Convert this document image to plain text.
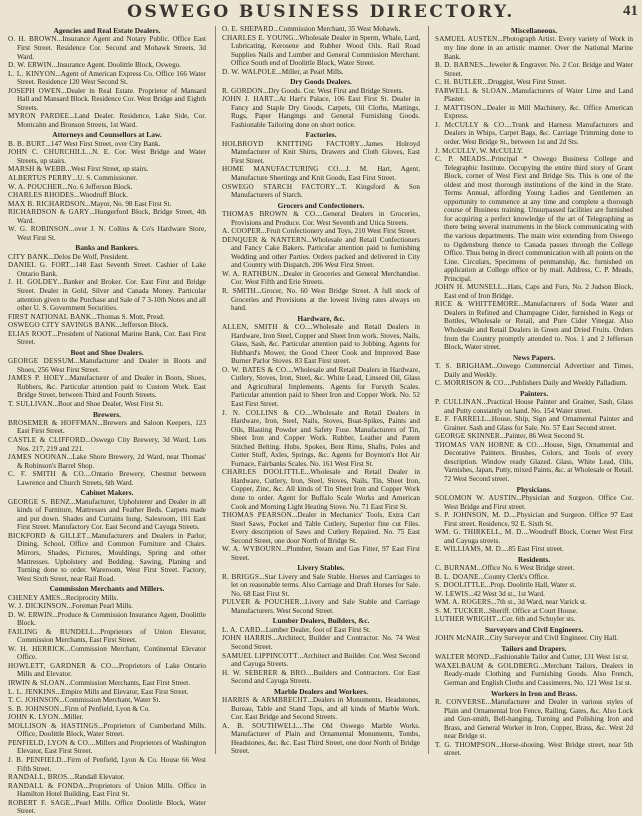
OSWEGO BUSINESS DIRECTORY.	41
Agencies and Real Estate Dealers.
O. H. BROWN...Insurance Agent and Notary Public. Office East First Street. Residence Cor. Second and Mohawk Streets, 3d Ward.
D. W. ERWIN...Insurance Agent. Doolittle Block, Oswego.
L. L. KINYON...Agent of American Express Co. Office 166 Water Street. Residence 120 West Second St.
JOSEPH OWEN...Dealer in Real Estate. Proprietor of Mansard Hall and Mansard Block. Residence Cor. West Bridge and Eighth Streets.
MYRON PARDEE...Land Dealer. Residence, Lake Side, Cor. Montcalm and Bronson Streets, 1st Ward.
Attorneys and Counsellors at Law.
B. B. BURT...147 West First Street, over City Bank.
JOHN C. CHURCHILL...N. E. Cor. West Bridge and Water Streets, up stairs.
MARSH & WEBB...West First Street, up stairs.
ALBERTUS PERRY...U. S. Commissioner.
W. A. POUCHER...No. 6 Jefferson Block.
CHARLES RHODES...Woodruff Block.
MAX B. RICHARDSON...Mayor, No. 98 East First St.
RICHARDSON & GARY...Hungerford Block, Bridge Street, 4th Ward.
W. G. ROBINSON...over J. N. Collins & Co's Hardware Store, West First St.
Banks and Bankers.
CITY BANK...Delos De Wolf, President.
DANIEL G. FORT...148 East Seventh Street. Cashier of Lake Ontario Bank.
J. H. GOLDEY...Banker and Broker. Cor. East First and Bridge Street. Dealer in Gold, Silver and Canada Money. Particular attention given to the Purchase and Sale of 7 3-10th Notes and all other U. S. Government Securities.
FIRST NATIONAL BANK...Thomas S. Mott, Presd.
OSWEGO CITY SAVINGS BANK...Jefferson Block.
ELIAS ROOT...President of National Marine Bank, Cor. East First Street.
Boot and Shoe Dealers.
GEORGE DESSUM...Manufacturer and Dealer in Boots and Shoes, 256 West First Street.
JAMES P. HOEY...Manufacturer of and Dealer in Boots, Shoes, Rubbers, &c. Particular attention paid to Custom Work. East Bridge Street, between Third and Fourth Streets.
T. SULLIVAN...Boot and Shoe Dealer, West First St.
Brewers.
BROSEMER & HOFFMAN...Brewers and Saloon Keepers, 123 East First Street.
CASTLE & CLIFFORD...Oswego City Brewery, 3d Ward, Lots Nos. 217, 219 and 221.
JAMES NOONAN...Lake Shore Brewery, 2d Ward, near Thomas' & Robinson's Barrel Shop.
C. F. SMITH & CO....Ontario Brewery, Chestnut between Lawrence and Church Streets, 6th Ward.
Cabinet Makers.
GEORGE S. BENZ...Manufacturer, Upholsterer and Dealer in all kinds of Furniture, Mattresses and Feather Beds. Carpets made and put down. Shades and Curtains hung. Salesroom, 101 East First Street. Manufactory Cor. East Second and Cayuga Streets.
BICKFORD & GILLET...Manufacturers and Dealers in Parlor, Dining, School, Office and Common Furniture and Chairs. Mirrors, Shades, Pictures, Mouldings, Spring and other Mattresses. Upholstery and Bedding. Sawing, Planing and Turning done to order. Wareroom, West First Street. Factory, West Sixth Street, near Rail Road.
Commission Merchants and Millers.
CHENEY AMES...Reciprocity Mills.
W. J. DICKINSON...Foreman Pearl Mills.
D. W. ERWIN...Produce & Commission Insurance Agent, Doolittle Block.
FAILING & RUNDELL...Proprietors of Union Elevator, Commission Merchants, East First Street.
W. H. HERRICK...Commission Merchant, Continental Elevator Office.
HOWLETT, GARDNER & CO....Proprietors of Lake Ontario Mills and Elevator.
IRWIN & SLOAN...Commission Merchants, East First Street.
L. L. JENKINS...Empire Mills and Elevator, East First Street.
T. C. JOHNSON...Commission Merchant, Water St.
S. B. JOHNSON...Firm of Penfield, Lyon & Co.
JOHN K. LYON...Miller.
MOLLISON & HASTINGS...Proprietors of Cumberland Mills. Office, Doolittle Block, Water Street.
PENFIELD, LYON & CO....Millers and Proprietors of Washington Elevator, East First Street.
J. B. PENFIELD...Firm of Penfield, Lyon & Co. House 66 West Fifth Street.
RANDALL, BROS....Randall Elevator.
RANDALL & FONDA...Proprietors of Union Mills. Office in Hamilton Hotel Building, East First St.
ROBERT F. SAGE...Pearl Mills. Office Doolittle Block, Water Street.
O. E. SHEPARD...Commission Merchant, 35 West Mohawk.
CHARLES E. YOUNG...Wholesale Dealer in Sperm, Whale, Lard, Lubricating, Kerosene and Rubber Wood Oils. Rail Road Supplies Nails and Lumber and General Commission Merchant. Office South end of Doolittle Block, Water Street.
D. W. WALPOLE...Miller, at Pearl Mills.
Dry Goods Dealers.
R. GORDON...Dry Goods. Cor. West First and Bridge Streets.
JOHN J. HART...At Hart's Palace, 106 East First St. Dealer in Fancy and Staple Dry Goods, Carpets, Oil Cloths, Mattings, Rugs, Paper Hangings and General Furnishing Goods. Fashionable Tailoring done on short notice.
Factories.
HOLBROYD KNITTING FACTORY...James Holroyd Manufacturer of Knit Shirts, Drawers and Cloth Gloves, East First Street.
HOME MANUFACTURING CO....J. M. Hart, Agent, Manufacture Sheetings and Knit Goods, East First Street.
OSWEGO STARCH FACTORY...T. Kingsford & Son Manufacturers of Starch.
Grocers and Confectioners.
THOMAS BROWN & CO....General Dealers in Groceries, Provisions and Produce. Cor. West Seventh and Utica Streets.
A. COOPER...Fruit Confectionery and Toys, 210 West First Street.
DENQUER & NANTERN...Wholesale and Retail Confectioners and Fancy Cake Bakers. Particular attention paid to furnishing Wedding and other Parties. Orders packed and delivered in City and Country with Dispatch. 206 West First Street.
W. A. RATHBUN...Dealer in Groceries and General Merchandise. Cor. West Fifth and Erie Streets.
R. SMITH...Grocer, No. 60 West Bridge Street. A full stock of Groceries and Provisions at the lowest living rates always on hand.
Hardware, &c.
ALLEN, SMITH & CO....Wholesale and Retail Dealers in Hardware, Iron Steel, Copper and Sheet Iron work. Stoves, Nails, Glass, Sash, &c. Particular attention paid to Jobbing. Agents for Hubbard's Mower, the Good Cheer Cook and Improved Base Burner Parlor Stoves. 83 East First street.
O. W. BATES & CO....Wholesale and Retail Dealers in Hardware, Cutlery, Stoves, Iron, Steel, &c. White Lead, Linseed Oil, Glass and Agricultural Implements. Agents for Forsyth Scales. Particular attention paid to Sheet Iron and Copper Work. No. 52 East First Street.
J. N. COLLINS & CO....Wholesale and Retail Dealers in Hardware, Iron, Steel, Nails, Stoves, Boat-Spikes, Paints and Oils, Blasting Powder and Safety Fuse. Manufacturers of Tin, Sheet Iron and Copper Work. Rubber, Leather and Patent Stitched Belting. Hubs, Spokes, Bent Rims, Shafts, Poles and Cutter Stuff, Axles, Springs, &c. Agents for Boynton's Hot Air Furnace, Fairbanks Scales. No. 161 West First St.
CHARLES DOOLITTLE...Wholesale and Retail Dealer in Hardware, Cutlery, Iron, Steel, Stoves, Nails, Tin, Sheet Iron, Copper, Zinc, &c. All kinds of Tin Sheet Iron and Copper Work done to order. Agent for Buffalo Scale Works and American Cook and Morning Light Heating Stove. No. 71 East First St.
THOMAS PEARSON...Dealer in Mechanics' Tools, Extra Cart Steel Saws, Pocket and Table Cutlery, Superior fine cut Files. Every description of Saws and Cutlery Repaired. No. 75 East Second Street, one door North of Bridge St.
W. A. WYBOURN...Plumber, Steam and Gas Fitter, 97 East First Street.
Livery Stables.
R. BRIGGS...Star Livery and Sale Stable. Horses and Carriages to let on reasonable terms. Also Carriage and Draft Horses for Sale. No. 68 East First St.
PULVER & POUCHER...Livery and Sale Stable and Carriage Manufacturers. West Second Street.
Lumber Dealers, Builders, &c.
L. A. CARD...Lumber Dealer, foot of East First St.
JOHN HARRIS...Architect, Builder and Contractor. No. 74 West Second Street.
SAMUEL LIPPINCOTT...Architect and Builder. Cor. West Second and Cayuga Streets.
H. W. SEBERER & BRO....Builders and Contractors. Cor East Second and Cayuga Streets.
Marble Dealers and Workers.
HARRIS & ARMBRECHT...Dealers in Monuments, Headstones, Bureau, Table and Stand Tops, and all kinds of Marble Work. Cor. East Bridge and Second Streets.
A. B. SOUTHWELL...The Old Oswego Marble Works. Manufacturer of Plain and Ornamental Monuments, Tombs, Headstones, &c. &c. East Third Street, one door North of Bridge Street.
Miscellaneous.
SAMUEL AUSTEN...Photograph Artist. Every variety of Work in my line done in an artistic manner. Over the National Marine Bank.
B. D. BARNES...Jeweler & Engraver. No. 2 Cor. Bridge and Water Street.
C. H. BUTLER...Druggist, West First Street.
FARWELL & SLOAN...Manufacturers of Water Lime and Land Plaster.
J. MATTISON...Dealer in Mill Machinery, &c. Office American Express.
J. McCULLY & CO....Trunk and Harness Manufacturers and Dealers in Whips, Carpet Bags, &c. Carriage Trimming done to order. West Bridge St., between 1st and 2d Sts.
J. McCULLY. W. McCULLY.
C. P. MEADS...Principal * Oswego Business College and Telegraphic Institute. Occupying the entire third story of Grant Block, corner of West First and Bridge Sts. This is one of the oldest and most thorough institutions of the kind in the State. Terms Annual, affording Young Ladies and Gentlemen an opportunity to commence at any time and complete a thorough course of Business training. Unsurpassed facilities are furnished for acquiring a perfect knowledge of the art of Telegraphing as there being several instruments in the block communicating with the various departments. The main wire extending from Oswego to Ogdensburg thence to Canada passes through the College Office. Thus being in direct communication with all points on the Line. Circulars, Specimens of penmanship, &c. furnished on application at College office or by mail. Address, C. P. Meads, Principal.
JOHN H. MUNSELL...Hats, Caps and Furs, No. 2 Judson Block, East end of Iron Bridge.
RICE & WHITTEMORE...Manufacturers of Soda Water and Dealers in Refined and Champagne Cider, furnished in Kegs or Bottles, Wholesale or Retail, and Pure Cider Vinegar. Also Wholesale and Retail Dealers in Green and Dried Fruits. Orders from the Country promptly attended to. Nos. 1 and 2 Jefferson Block, Water street.
News Papers.
T. S. BRIGHAM...Oswego Commercial Advertiser and Times, Daily and Weekly.
C. MORRISON & CO....Publishers Daily and Weekly Palladium.
Painters.
P. CULLINAN...Practical House Painter and Grainer, Sash, Glass and Putty constantly on hand. No. 154 Water street.
E. F. FARRELL...House, Ship, Sign and Ornamental Painter and Grainer. Sash and Glass for Sale. No. 57 East Second street.
GEORGE SKINNER...Painter, 86 West Second St.
THOMAS VAN HORNE & CO....House, Sign, Ornamental and Decorative Painters. Brushes, Colors, and Tools of every description. Window ready Glazed. Glass, White Lead, Oils, Varnishes, Japan, Putty, mixed Paints, &c. at Wholesale or Retail. 72 West Second street.
Physicians.
SOLOMON W. AUSTIN...Physician and Surgeon. Office Cor. West Bridge and First street.
S. P. JOHNSON, M. D....Physician and Surgeon. Office 97 East First street. Residence, 92 E. Sixth St.
WM. G. THIRKELL, M. D....Woodruff Block, Corner West First and Cayuga streets.
E. WILLIAMS, M. D....85 East First street.
Residents.
C. BURNAM...Office No. 6 West Bridge street.
B. L. DOANE...County Clerk's Office.
S. DOOLITTLE...Prop. Doolittle Hall, Water st.
W. LEWIS...42 West 3d st., 1st Ward.
WM. A. ROGERS...7th st., 3d Ward, near Varick st.
S. M. TUCKER...Sheriff. Office at Court House.
LUTHER WRIGHT...Cor. 6th and Schuyler sts.
Surveyors and Civil Engineers.
JOHN McNAIR...City Surveyor and Civil Engineer. City Hall.
Tailors and Drapers.
WALTER MOND...Fashionable Tailor and Cutter, 131 West 1st st.
WAXELBAUM & GOLDBERG...Merchant Tailors, Dealers in Ready-made Clothing and Furnishing Goods. Also French, German and English Cloths and Cassimeres, No. 121 West 1st st.
Workers in Iron and Brass.
R. CONVERSE...Manufacturer and Dealer in various styles of Plain and Ornamental Iron Fence, Railing, Gates, &c. Also Lock and Gun-smith, Bell-hanging, Turning and Polishing Iron and Brass, and General Worker in Iron, Copper, Brass, &c. West 2d near Bridge st.
T. G. THOMPSON...Horse-shoeing. West Bridge street, near 5th street.
